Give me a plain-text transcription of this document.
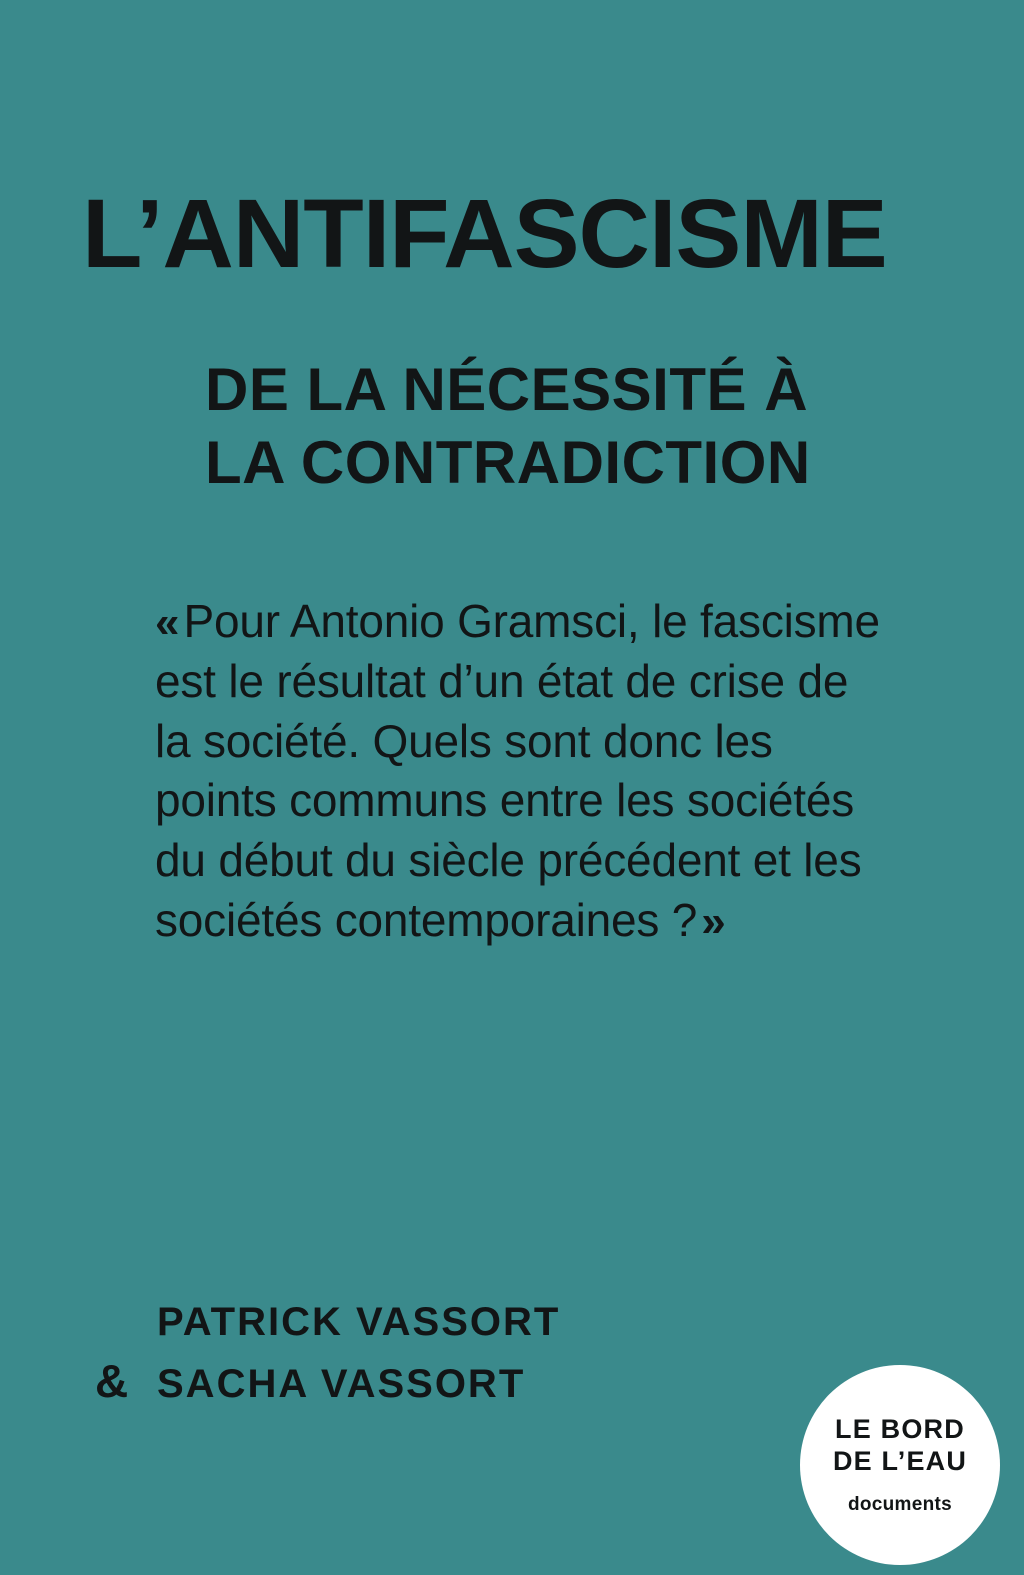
L’ANTIFASCISME
DE LA NÉCESSITÉ À
LA CONTRADICTION
« Pour Antonio Gramsci, le fascisme est le résultat d’un état de crise de la société. Quels sont donc les points communs entre les sociétés du début du siècle précédent et les sociétés contemporaines ?»
PATRICK VASSORT
& SACHA VASSORT
LE BORD
DE L’EAU
documents
